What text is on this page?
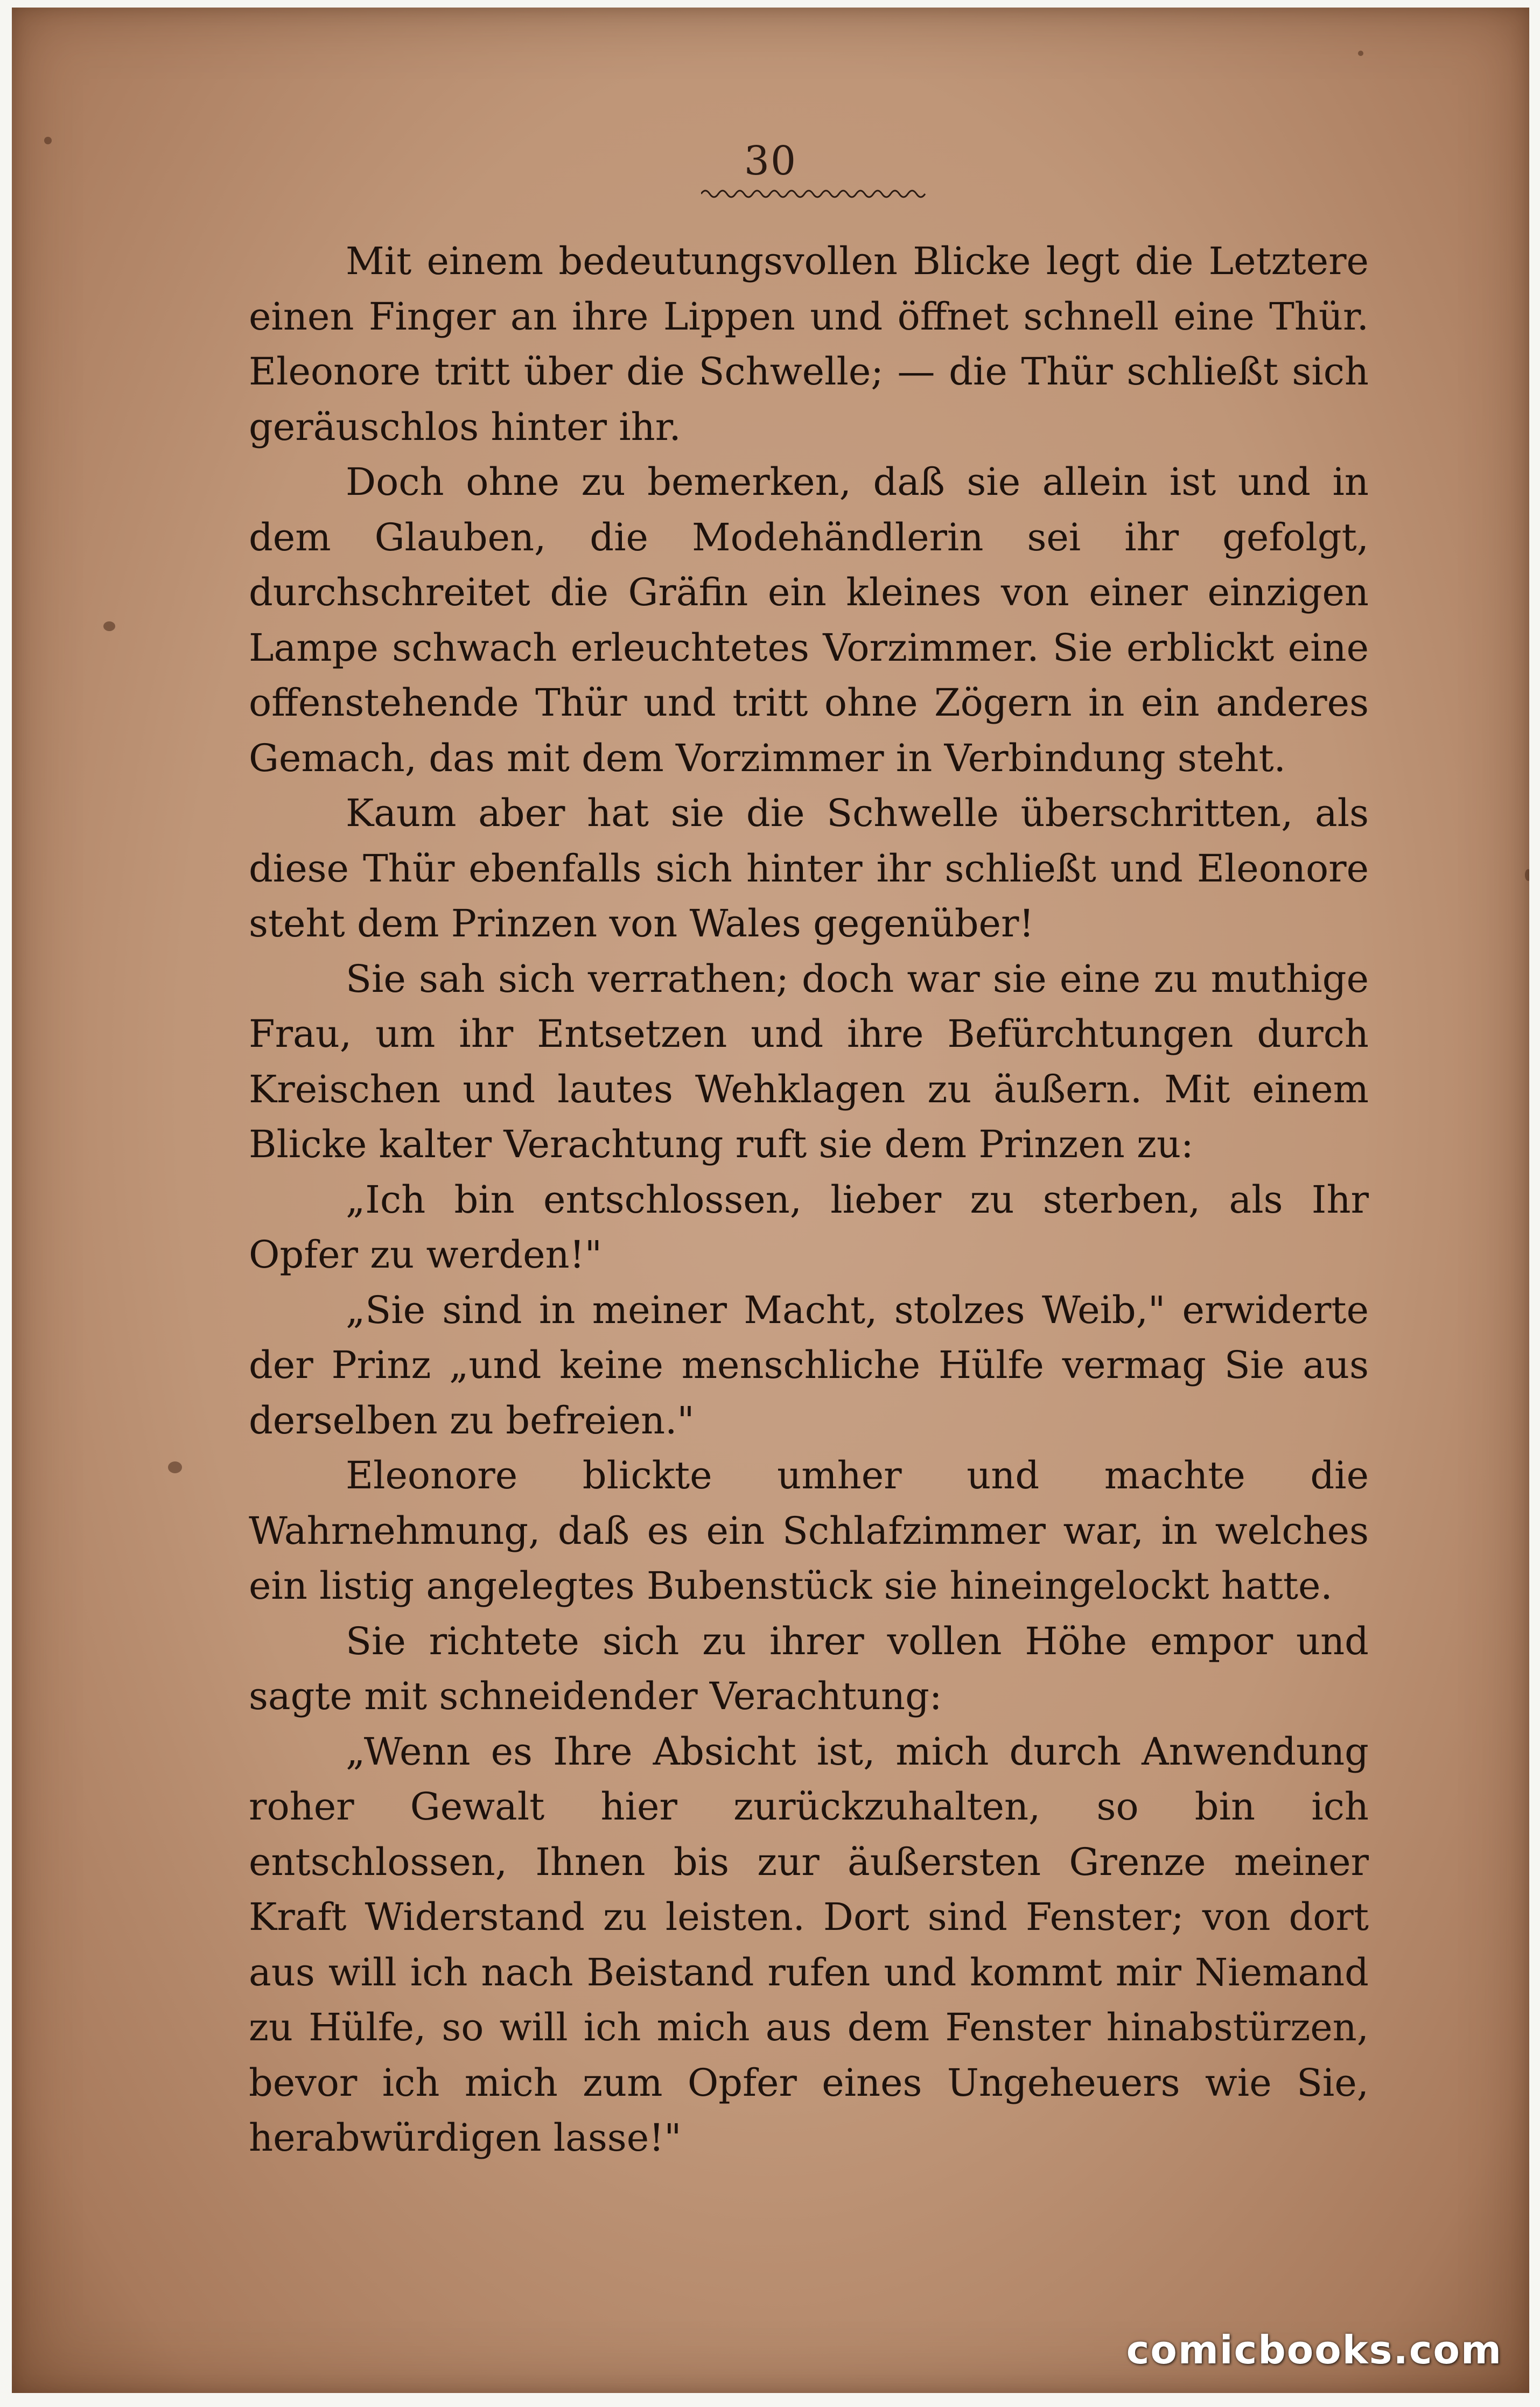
30

Mit einem bedeutungsvollen Blicke legt die Letztere einen Finger an ihre Lippen und öffnet schnell eine Thür. Eleonore tritt über die Schwelle; — die Thür schließt sich geräuschlos hinter ihr.

Doch ohne zu bemerken, daß sie allein ist und in dem Glauben, die Modehändlerin sei ihr gefolgt, durchschreitet die Gräfin ein kleines von einer einzigen Lampe schwach erleuchtetes Vorzimmer. Sie erblickt eine offenstehende Thür und tritt ohne Zögern in ein anderes Gemach, das mit dem Vorzimmer in Verbindung steht.

Kaum aber hat sie die Schwelle überschritten, als diese Thür ebenfalls sich hinter ihr schließt und Eleonore steht dem Prinzen von Wales gegenüber!

Sie sah sich verrathen; doch war sie eine zu muthige Frau, um ihr Entsetzen und ihre Befürchtungen durch Kreischen und lautes Wehklagen zu äußern. Mit einem Blicke kalter Verachtung ruft sie dem Prinzen zu:

„Ich bin entschlossen, lieber zu sterben, als Ihr Opfer zu werden!"

„Sie sind in meiner Macht, stolzes Weib," erwiderte der Prinz „und keine menschliche Hülfe vermag Sie aus derselben zu befreien."

Eleonore blickte umher und machte die Wahrnehmung, daß es ein Schlafzimmer war, in welches ein listig angelegtes Bubenstück sie hineingelockt hatte.

Sie richtete sich zu ihrer vollen Höhe empor und sagte mit schneidender Verachtung:

„Wenn es Ihre Absicht ist, mich durch Anwendung roher Gewalt hier zurückzuhalten, so bin ich entschlossen, Ihnen bis zur äußersten Grenze meiner Kraft Widerstand zu leisten. Dort sind Fenster; von dort aus will ich nach Beistand rufen und kommt mir Niemand zu Hülfe, so will ich mich aus dem Fenster hinabstürzen, bevor ich mich zum Opfer eines Ungeheuers wie Sie, herabwürdigen lasse!"

comicbooks.com
